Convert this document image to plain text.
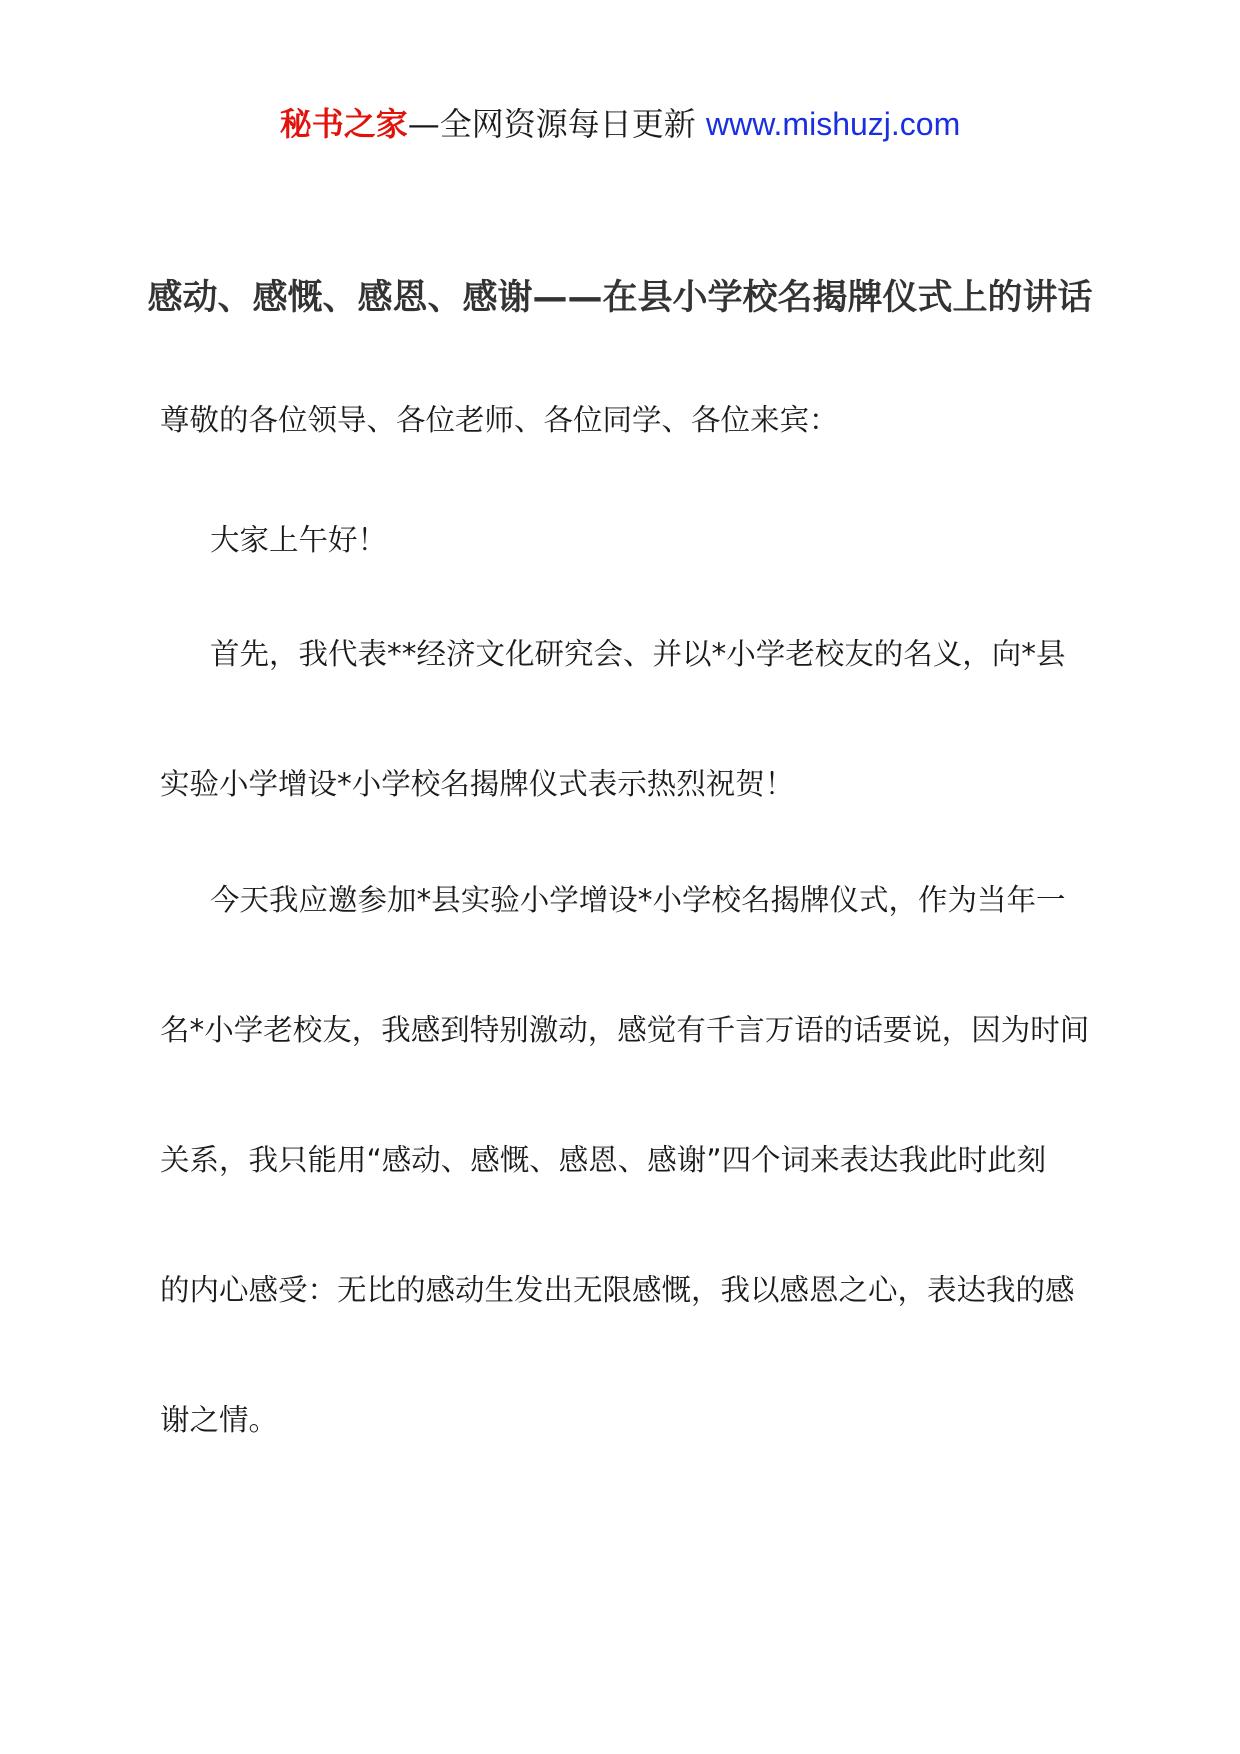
秘书之家—全网资源每日更新 www.mishuzj.com
感动、感慨、感恩、感谢——在县小学校名揭牌仪式上的讲话

尊敬的各位领导、各位老师、各位同学、各位来宾：

大家上午好！

首先，我代表**经济文化研究会、并以*小学老校友的名义，向*县
实验小学增设*小学校名揭牌仪式表示热烈祝贺！
今天我应邀参加*县实验小学增设*小学校名揭牌仪式，作为当年一
名*小学老校友，我感到特别激动，感觉有千言万语的话要说，因为时间
关系，我只能用“感动、感慨、感恩、感谢”四个词来表达我此时此刻
的内心感受：无比的感动生发出无限感慨，我以感恩之心，表达我的感
谢之情。
